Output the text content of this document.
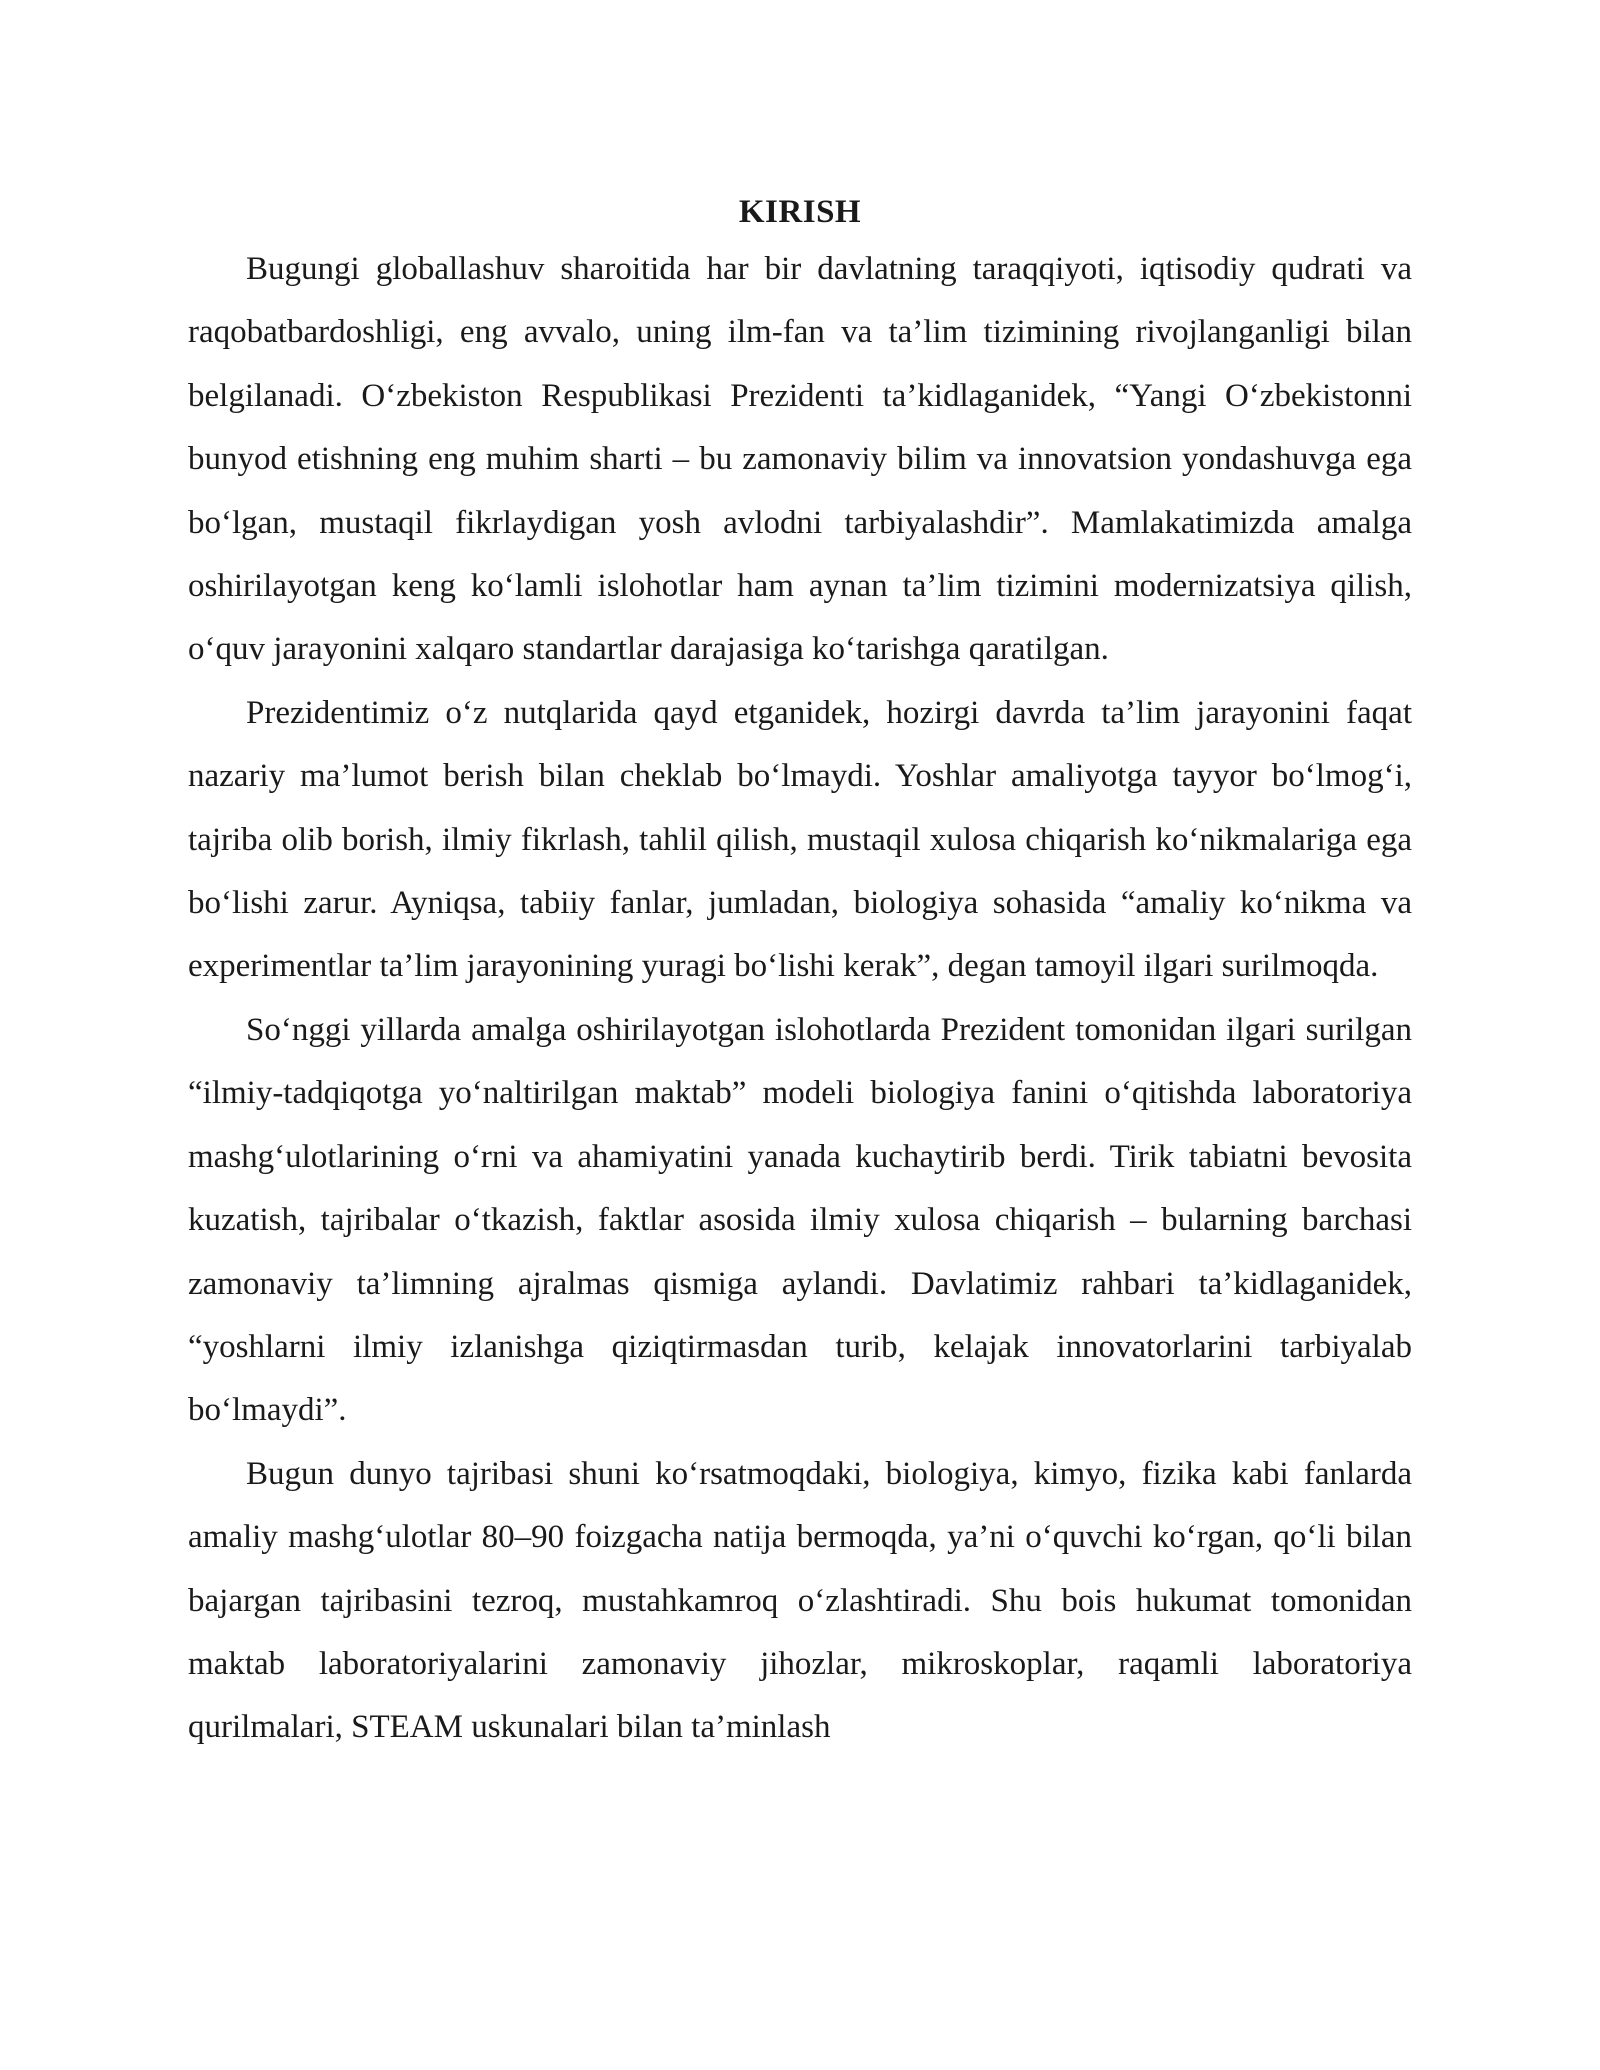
KIRISH

Bugungi globallashuv sharoitida har bir davlatning taraqqiyoti, iqtisodiy qudrati va raqobatbardoshligi, eng avvalo, uning ilm-fan va ta’lim tizimining rivojlanganligi bilan belgilanadi. O‘zbekiston Respublikasi Prezidenti ta’kidlaganidek, “Yangi O‘zbekistonni bunyod etishning eng muhim sharti – bu zamonaviy bilim va innovatsion yondashuvga ega bo‘lgan, mustaqil fikrlaydigan yosh avlodni tarbiyalashdir”. Mamlakatimizda amalga oshirilayotgan keng ko‘lamli islohotlar ham aynan ta’lim tizimini modernizatsiya qilish, o‘quv jarayonini xalqaro standartlar darajasiga ko‘tarishga qaratilgan.

Prezidentimiz o‘z nutqlarida qayd etganidek, hozirgi davrda ta’lim jarayonini faqat nazariy ma’lumot berish bilan cheklab bo‘lmaydi. Yoshlar amaliyotga tayyor bo‘lmog‘i, tajriba olib borish, ilmiy fikrlash, tahlil qilish, mustaqil xulosa chiqarish ko‘nikmalariga ega bo‘lishi zarur. Ayniqsa, tabiiy fanlar, jumladan, biologiya sohasida “amaliy ko‘nikma va experimentlar ta’lim jarayonining yuragi bo‘lishi kerak”, degan tamoyil ilgari surilmoqda.

So‘nggi yillarda amalga oshirilayotgan islohotlarda Prezident tomonidan ilgari surilgan “ilmiy-tadqiqotga yo‘naltirilgan maktab” modeli biologiya fanini o‘qitishda laboratoriya mashg‘ulotlarining o‘rni va ahamiyatini yanada kuchaytirib berdi. Tirik tabiatni bevosita kuzatish, tajribalar o‘tkazish, faktlar asosida ilmiy xulosa chiqarish – bularning barchasi zamonaviy ta’limning ajralmas qismiga aylandi. Davlatimiz rahbari ta’kidlaganidek, “yoshlarni ilmiy izlanishga qiziqtirmasdan turib, kelajak innovatorlarini tarbiyalab bo‘lmaydi”.

Bugun dunyo tajribasi shuni ko‘rsatmoqdaki, biologiya, kimyo, fizika kabi fanlarda amaliy mashg‘ulotlar 80–90 foizgacha natija bermoqda, ya’ni o‘quvchi ko‘rgan, qo‘li bilan bajargan tajribasini tezroq, mustahkamroq o‘zlashtiradi. Shu bois hukumat tomonidan maktab laboratoriyalarini zamonaviy jihozlar, mikroskoplar, raqamli laboratoriya qurilmalari, STEAM uskunalari bilan ta’minlash
